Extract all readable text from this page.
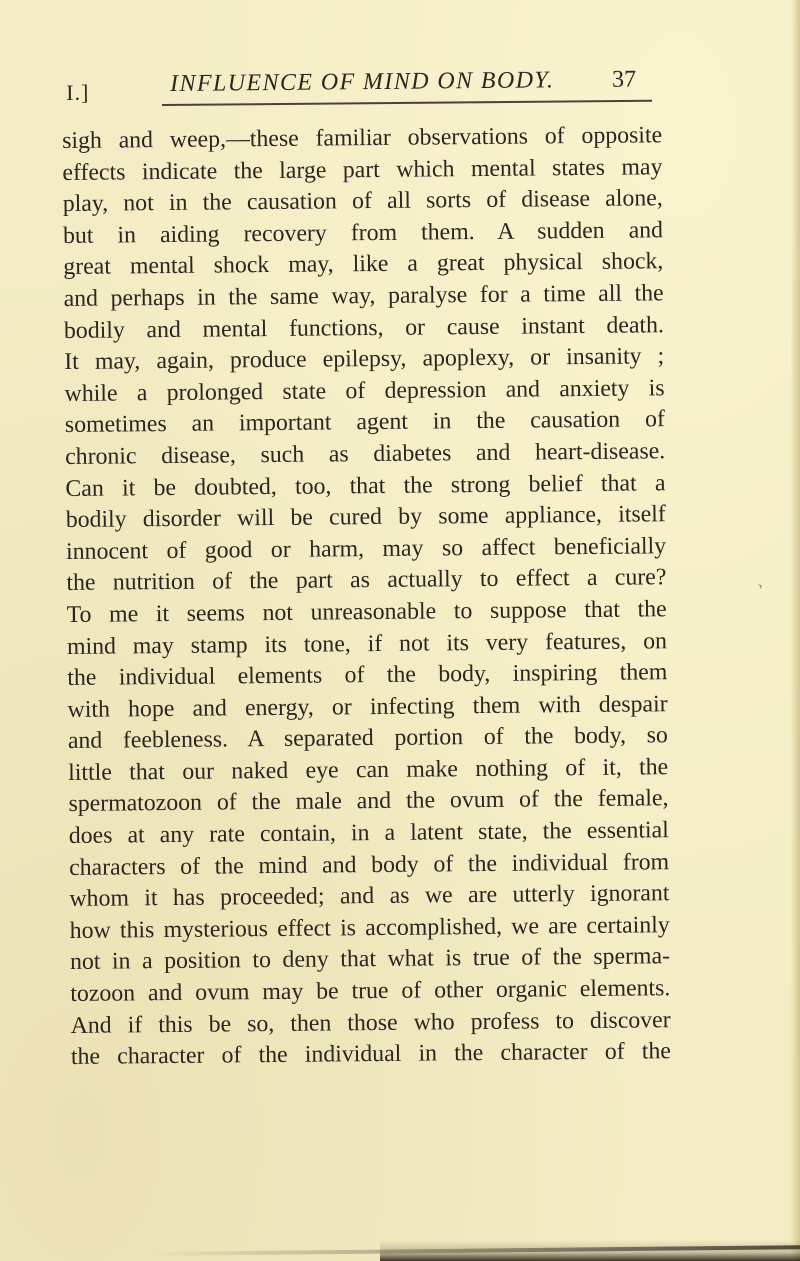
I.]	INFLUENCE OF MIND ON BODY. 37
sigh and weep,—these familiar observations of opposite
effects indicate the large part which mental states may
play, not in the causation of all sorts of disease alone,
but in aiding recovery from them. A sudden and
great mental shock may, like a great physical shock,
and perhaps in the same way, paralyse for a time all the
bodily and mental functions, or cause instant death.
It may, again, produce epilepsy, apoplexy, or insanity ;
while a prolonged state of depression and anxiety is
sometimes an important agent in the causation of
chronic disease, such as diabetes and heart-disease.
Can it be doubted, too, that the strong belief that a
bodily disorder will be cured by some appliance, itself
innocent of good or harm, may so affect beneficially
the nutrition of the part as actually to effect a cure?
To me it seems not unreasonable to suppose that the
mind may stamp its tone, if not its very features, on
the individual elements of the body, inspiring them
with hope and energy, or infecting them with despair
and feebleness. A separated portion of the body, so
little that our naked eye can make nothing of it, the
spermatozoon of the male and the ovum of the female,
does at any rate contain, in a latent state, the essential
characters of the mind and body of the individual from
whom it has proceeded; and as we are utterly ignorant
how this mysterious effect is accomplished, we are certainly
not in a position to deny that what is true of the sperma-
tozoon and ovum may be true of other organic elements.
And if this be so, then those who profess to discover
the character of the individual in the character of the
›
